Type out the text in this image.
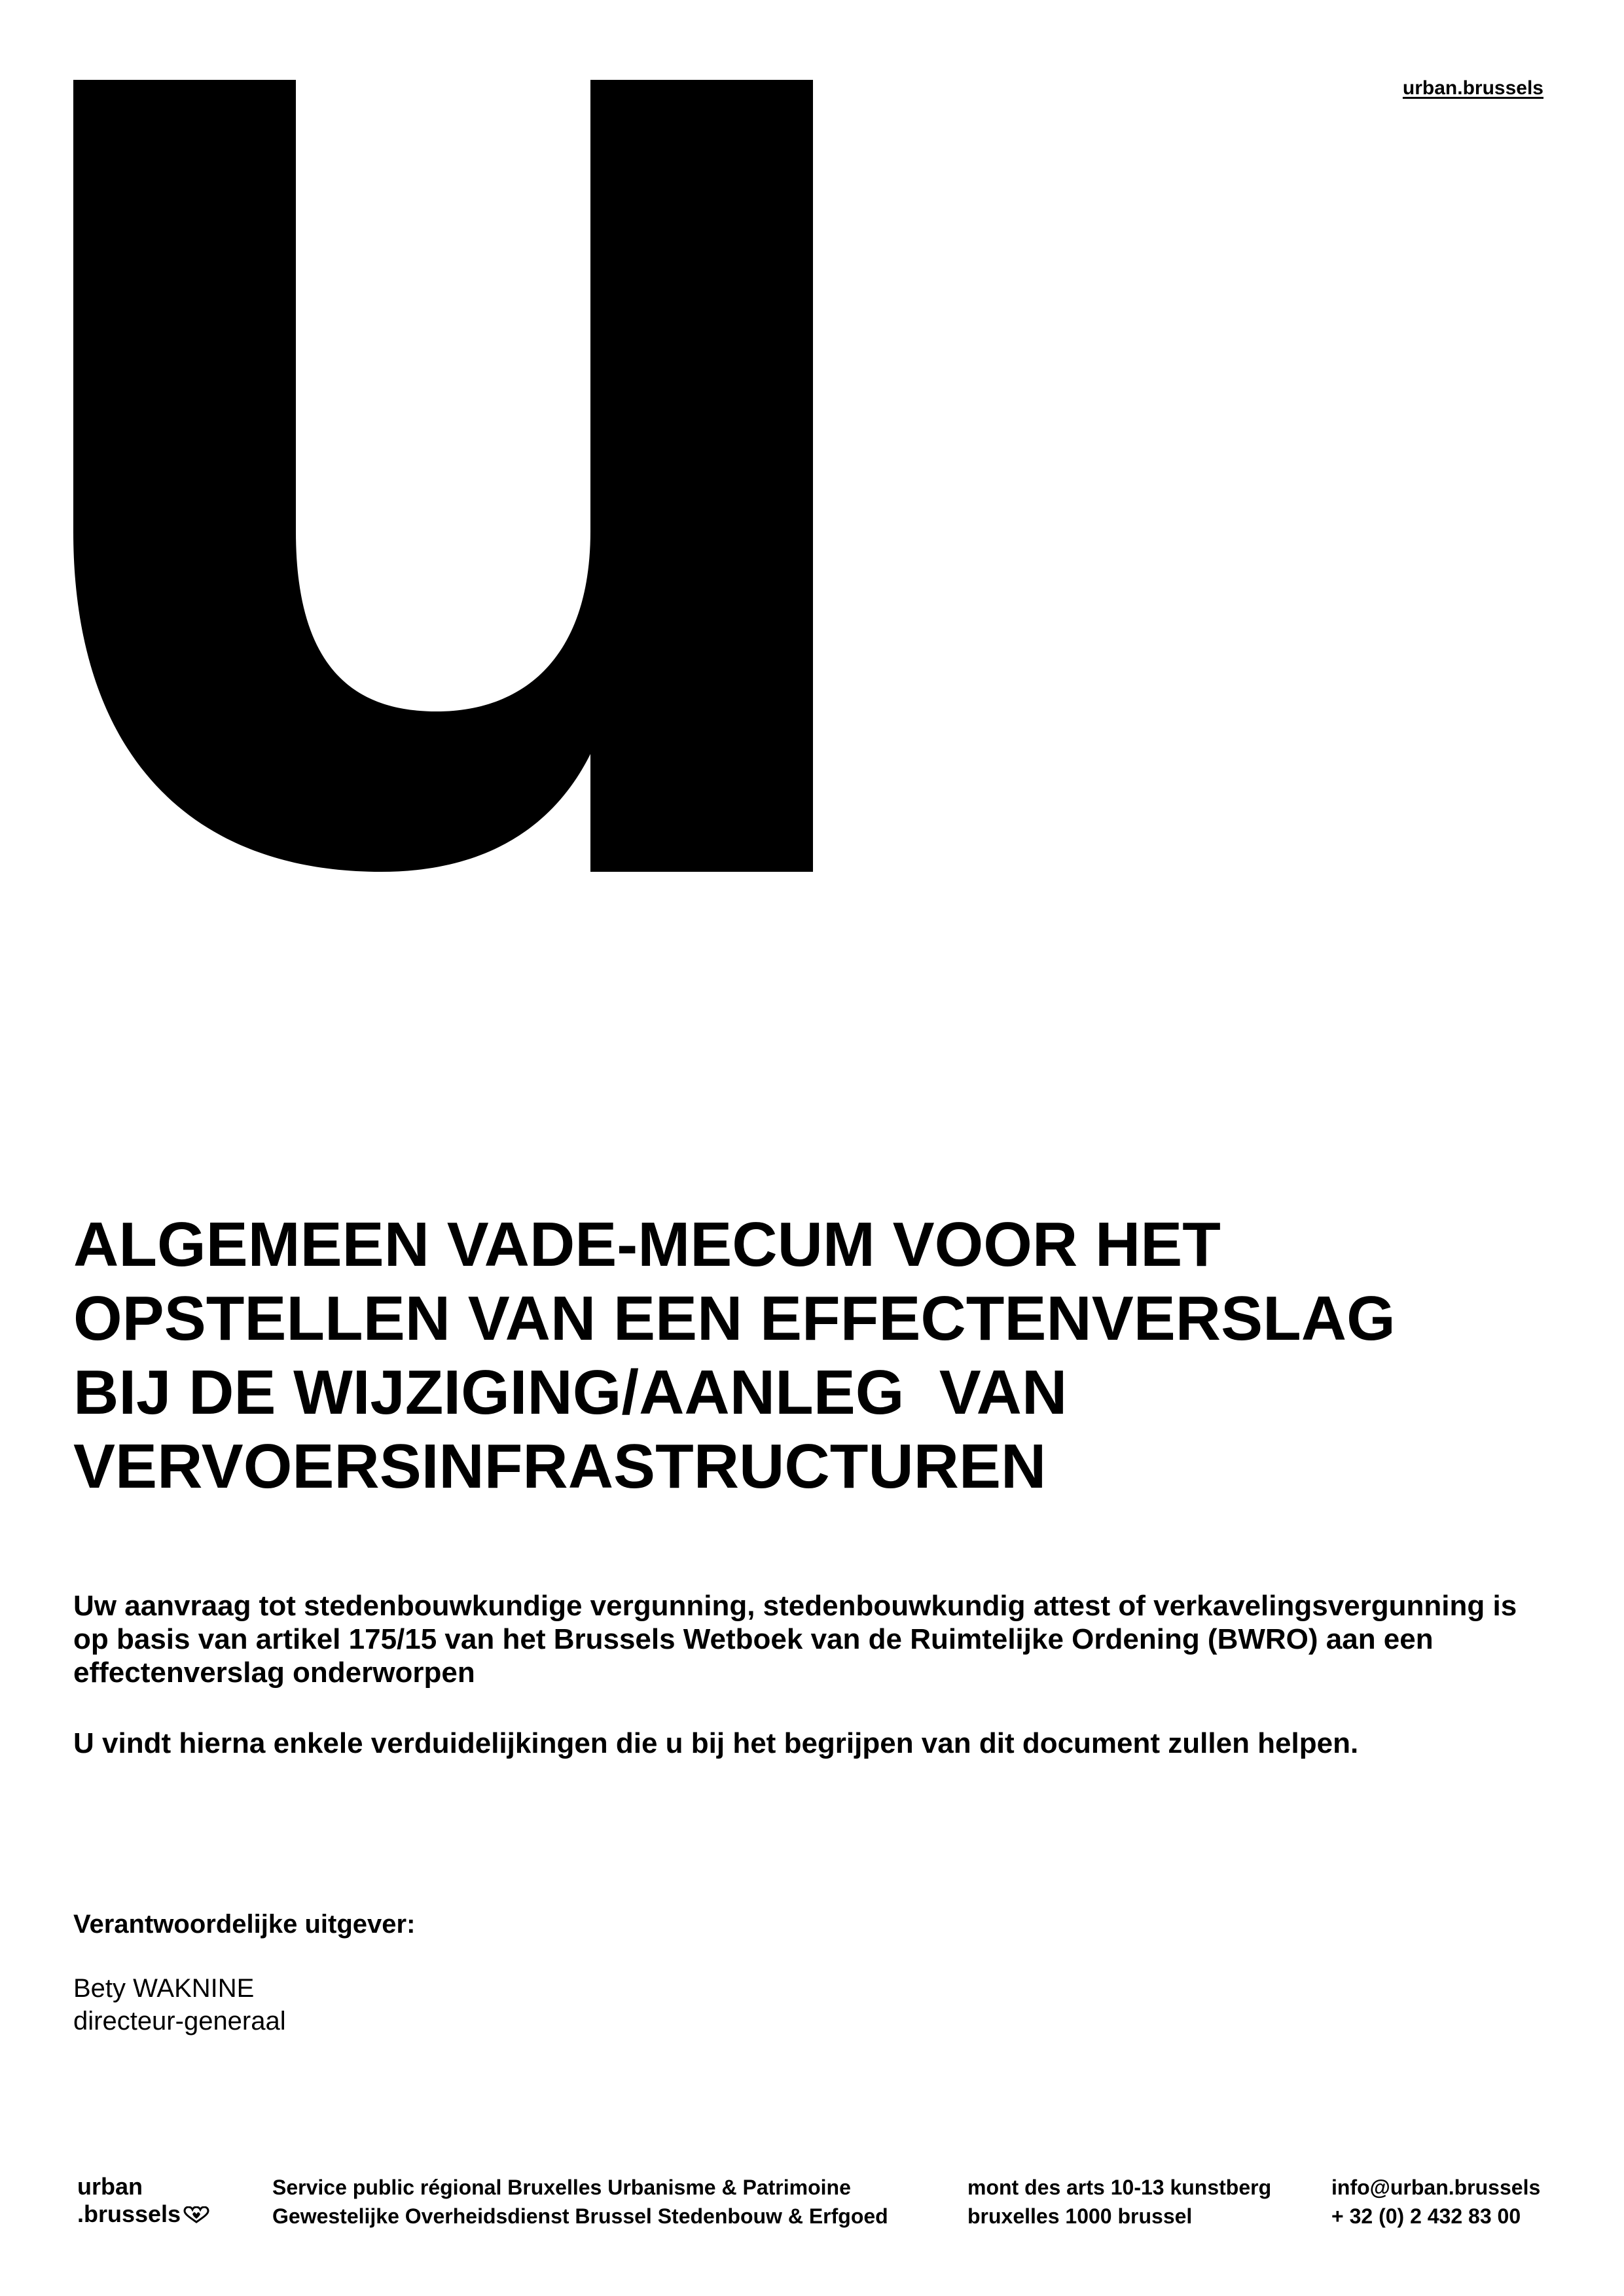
urban.brussels
ALGEMEEN VADE-MECUM VOOR HET
OPSTELLEN VAN EEN EFFECTENVERSLAG
BIJ DE WIJZIGING/AANLEG  VAN
VERVOERSINFRASTRUCTUREN

Uw aanvraag tot stedenbouwkundige vergunning, stedenbouwkundig attest of verkavelingsvergunning is op basis van artikel 175/15 van het Brussels Wetboek van de Ruimtelijke Ordening (BWRO) aan een effectenverslag onderworpen

U vindt hierna enkele verduidelijkingen die u bij het begrijpen van dit document zullen helpen.

Verantwoordelijke uitgever:

Bety WAKNINE

directeur-generaal

urban
.brussels
Service public régional Bruxelles Urbanisme & Patrimoine
Gewestelijke Overheidsdienst Brussel Stedenbouw & Erfgoed
mont des arts 10-13 kunstberg
bruxelles 1000 brussel
info@urban.brussels
+ 32 (0) 2 432 83 00
